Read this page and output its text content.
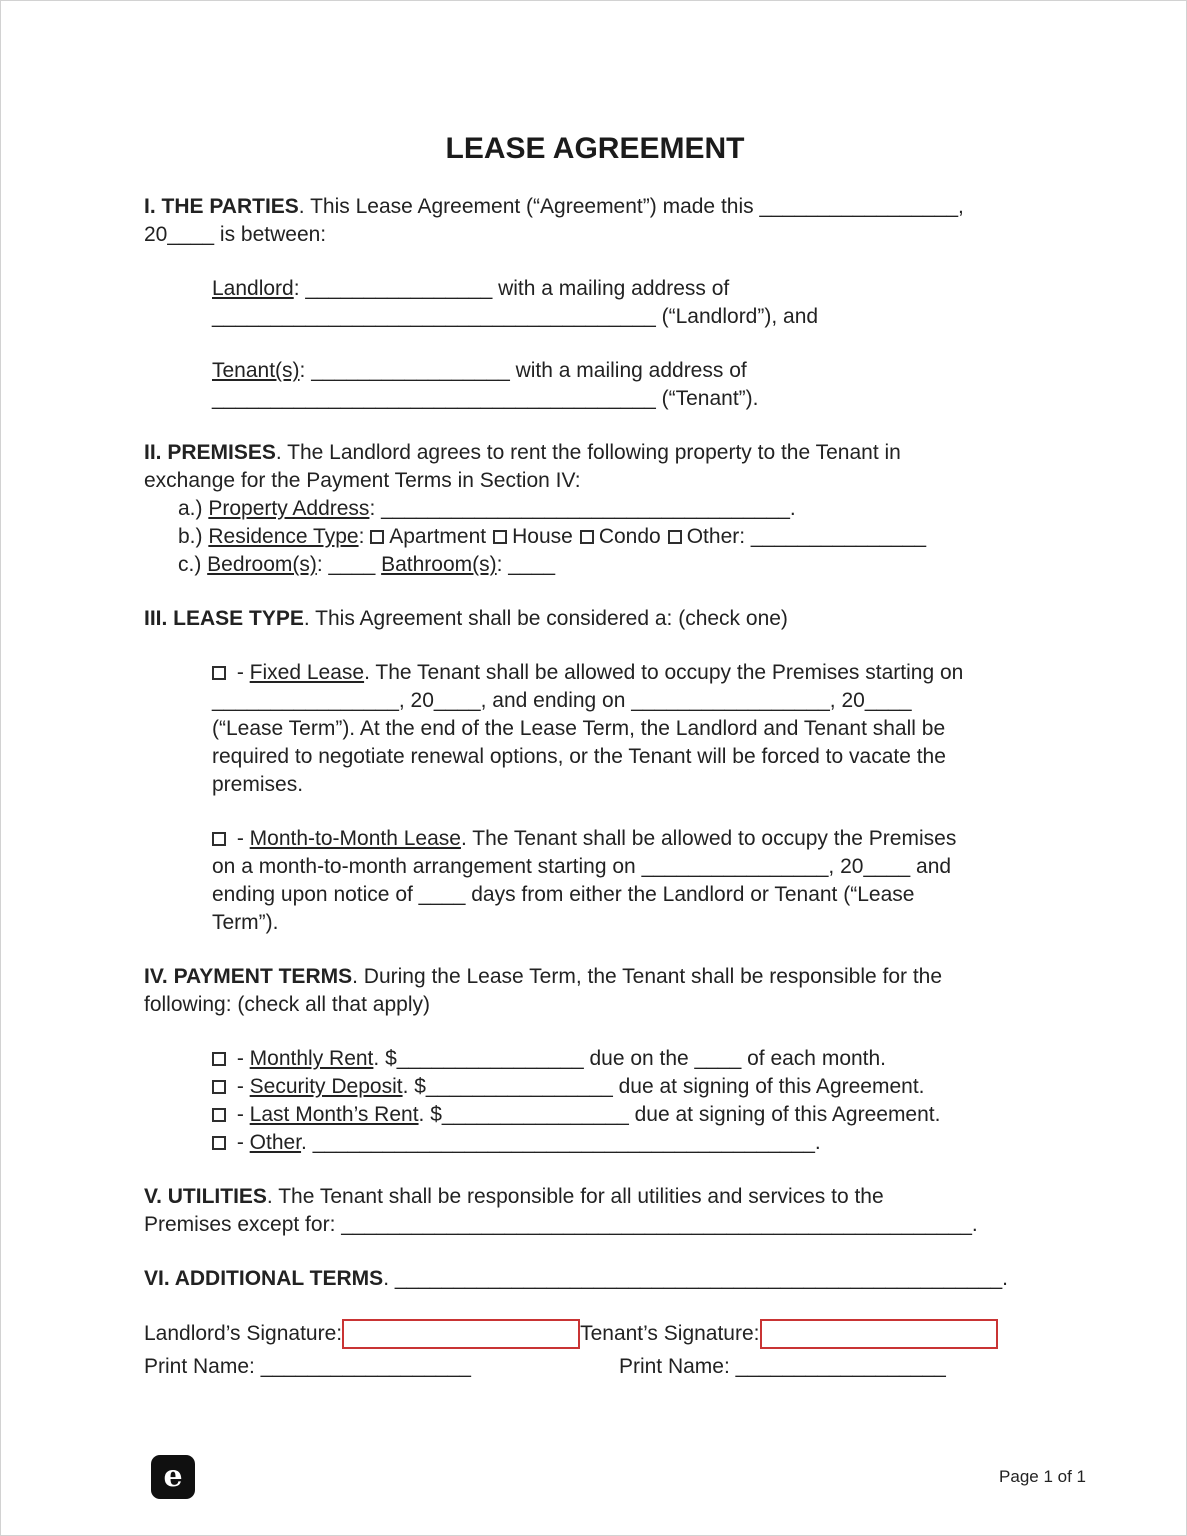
LEASE AGREEMENT
I. THE PARTIES. This Lease Agreement (“Agreement”) made this _________________,
20____ is between:
Landlord: ________________ with a mailing address of
______________________________________ (“Landlord”), and
Tenant(s): _________________ with a mailing address of
______________________________________ (“Tenant”).
II. PREMISES. The Landlord agrees to rent the following property to the Tenant in
exchange for the Payment Terms in Section IV:
a.) Property Address: ___________________________________.
b.) Residence Type: Apartment House Condo Other: _______________
c.) Bedroom(s): ____ Bathroom(s): ____
III. LEASE TYPE. This Agreement shall be considered a: (check one)
- Fixed Lease. The Tenant shall be allowed to occupy the Premises starting on
________________, 20____, and ending on _________________, 20____
(“Lease Term”). At the end of the Lease Term, the Landlord and Tenant shall be
required to negotiate renewal options, or the Tenant will be forced to vacate the
premises.
- Month-to-Month Lease. The Tenant shall be allowed to occupy the Premises
on a month-to-month arrangement starting on ________________, 20____ and
ending upon notice of ____ days from either the Landlord or Tenant (“Lease
Term”).
IV. PAYMENT TERMS. During the Lease Term, the Tenant shall be responsible for the
following: (check all that apply)
- Monthly Rent. $________________ due on the ____ of each month.
- Security Deposit. $________________ due at signing of this Agreement.
- Last Month’s Rent. $________________ due at signing of this Agreement.
- Other. ___________________________________________.
V. UTILITIES. The Tenant shall be responsible for all utilities and services to the
Premises except for: ______________________________________________________.
VI. ADDITIONAL TERMS. ____________________________________________________.
Landlord’s Signature:	Tenant’s Signature:
Print Name: __________________	Print Name: __________________
e	Page 1 of 1
